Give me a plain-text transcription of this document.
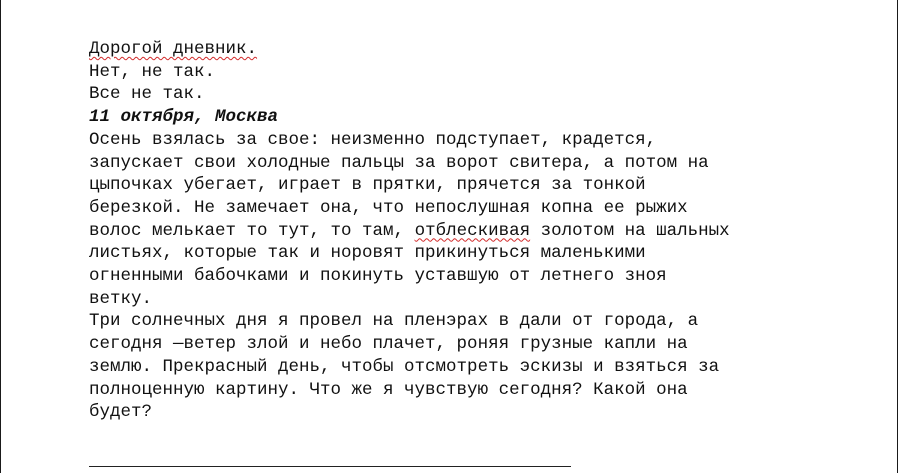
Дорогой дневник.
Нет, не так.
Все не так.
11 октября, Москва
Осень взялась за свое: неизменно подступает, крадется,
запускает свои холодные пальцы за ворот свитера, а потом на
цыпочках убегает, играет в прятки, прячется за тонкой
березкой. Не замечает она, что непослушная копна ее рыжих
волос мелькает то тут, то там, отблескивая золотом на шальных
листьях, которые так и норовят прикинуться маленькими
огненными бабочками и покинуть уставшую от летнего зноя
ветку.
Три солнечных дня я провел на пленэрах в дали от города, а
сегодня —ветер злой и небо плачет, роняя грузные капли на
землю. Прекрасный день, чтобы отсмотреть эскизы и взяться за
полноценную картину. Что же я чувствую сегодня? Какой она
будет?
